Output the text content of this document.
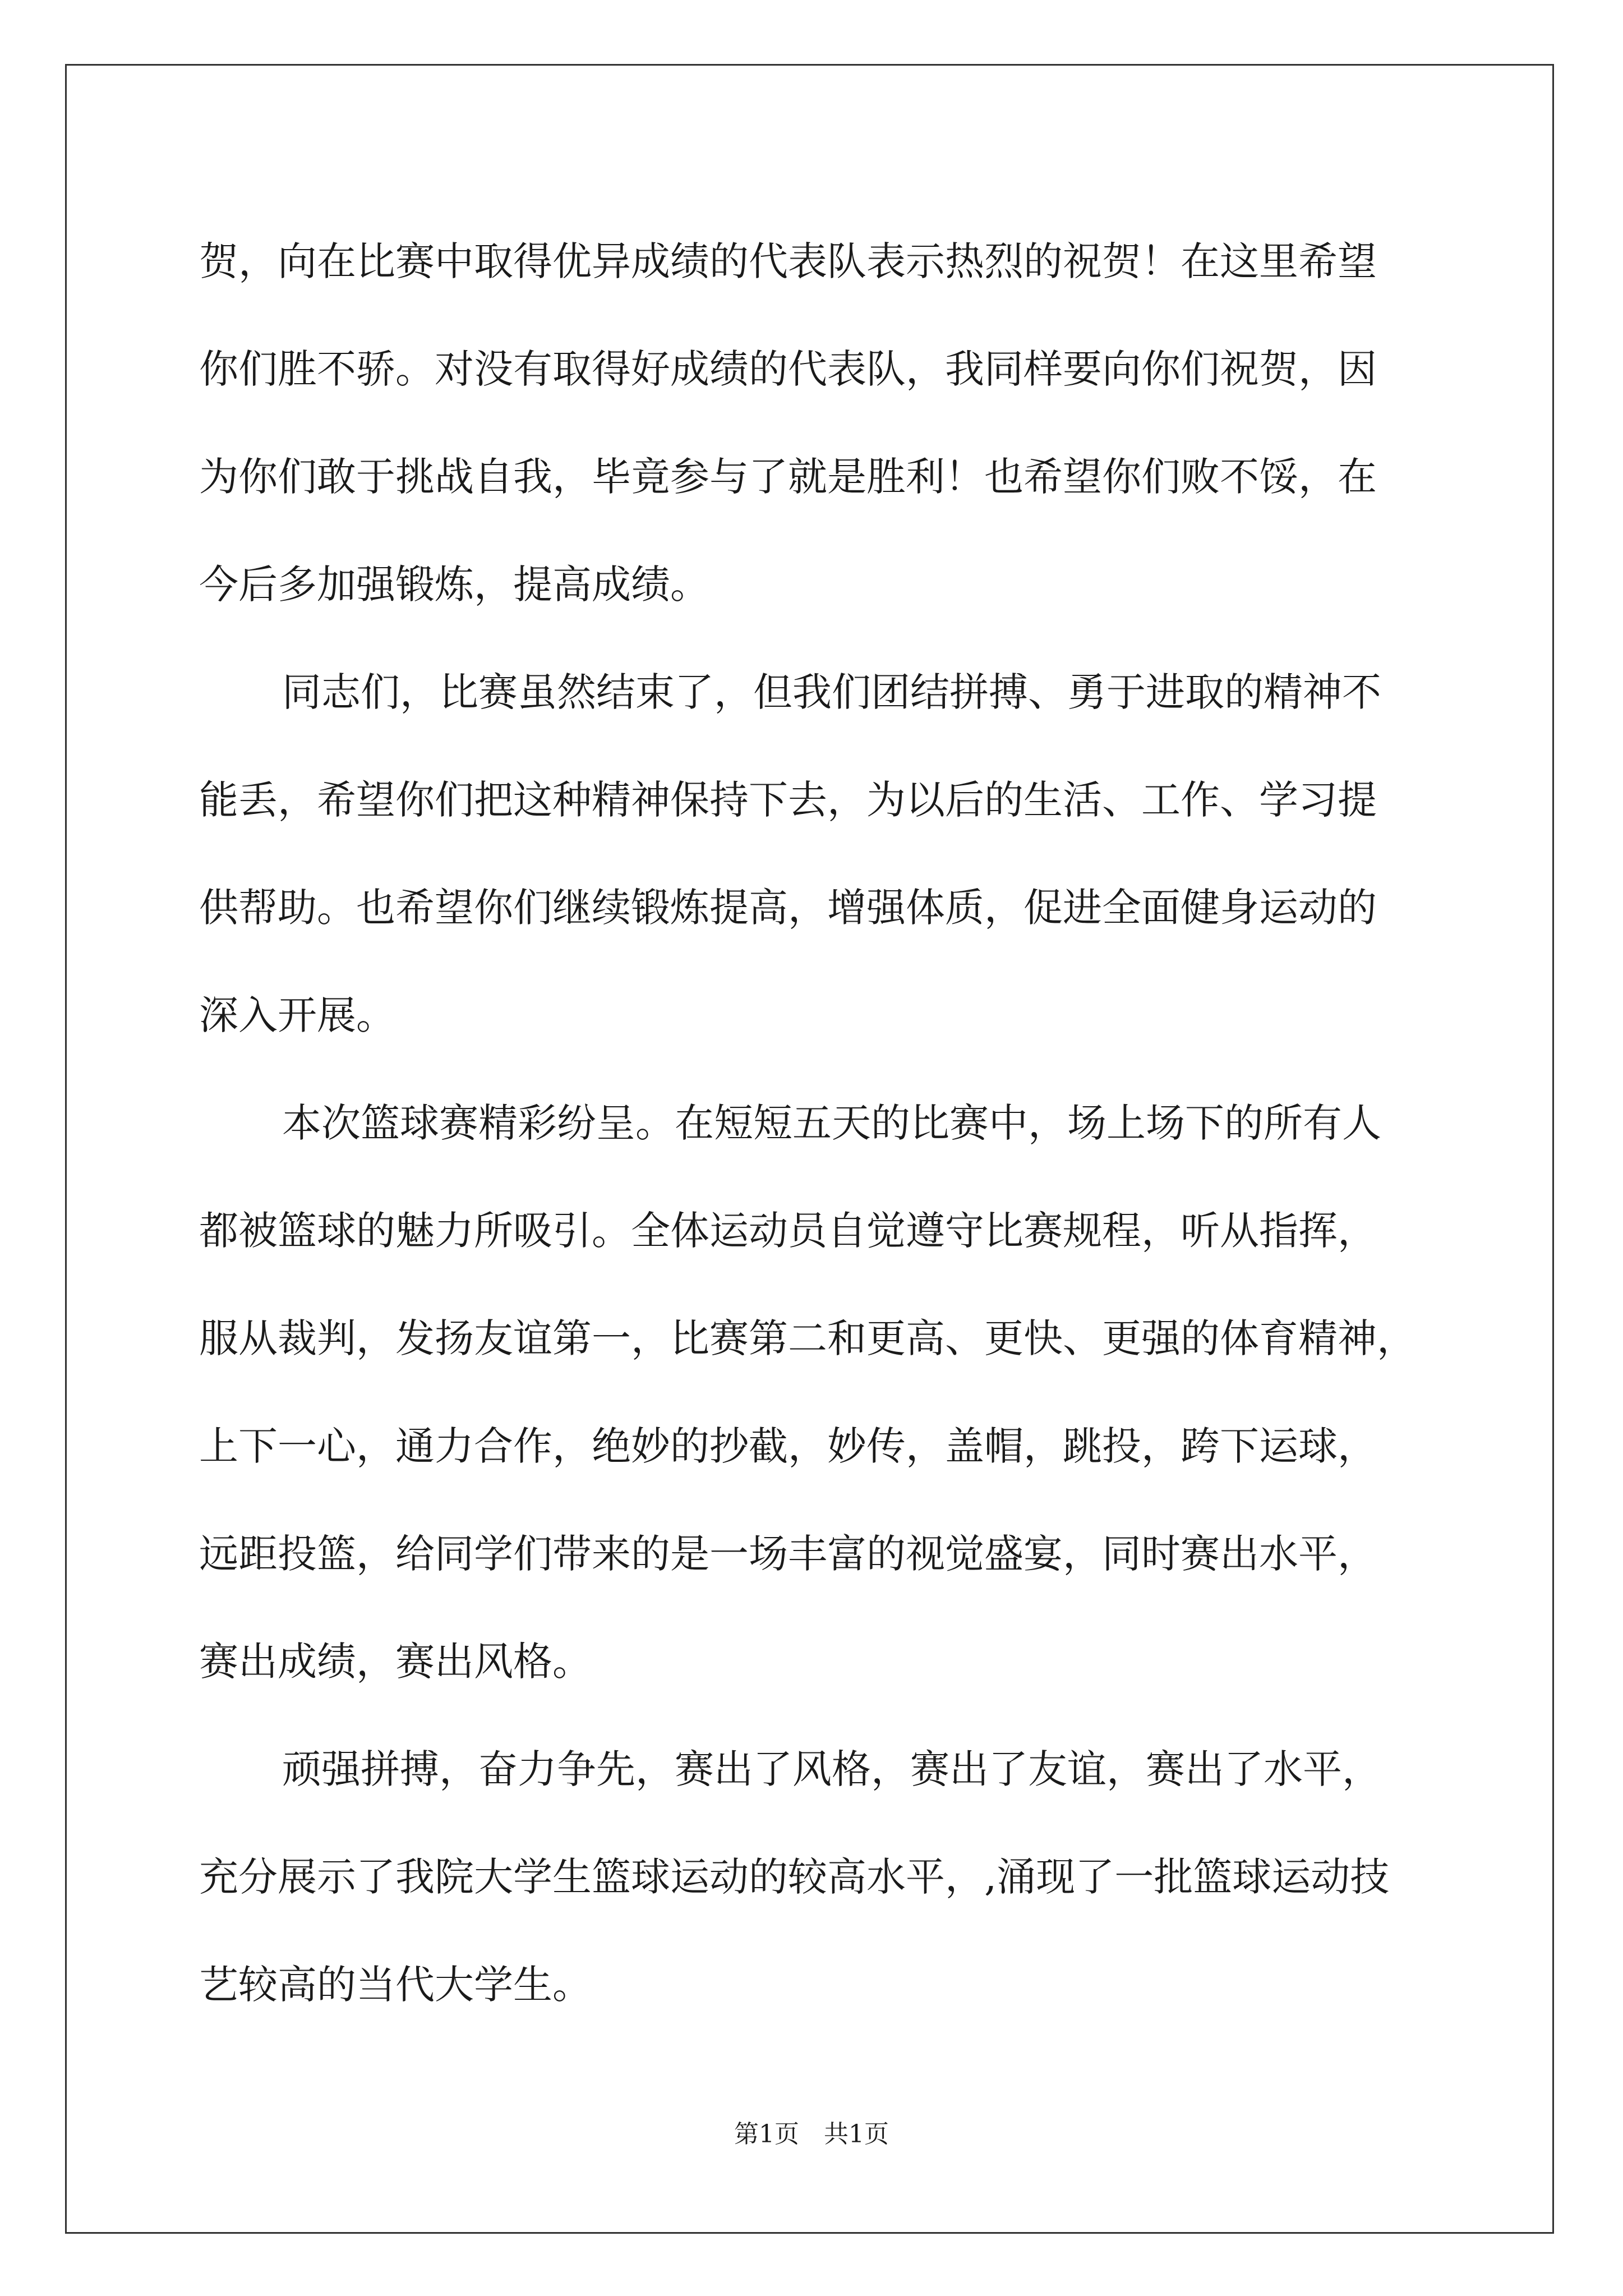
贺，向在比赛中取得优异成绩的代表队表示热烈的祝贺！在这里希望
你们胜不骄。对没有取得好成绩的代表队，我同样要向你们祝贺，因
为你们敢于挑战自我，毕竟参与了就是胜利！也希望你们败不馁，在
今后多加强锻炼，提高成绩。
同志们，比赛虽然结束了，但我们团结拼搏、勇于进取的精神不
能丢，希望你们把这种精神保持下去，为以后的生活、工作、学习提
供帮助。也希望你们继续锻炼提高，增强体质，促进全面健身运动的
深入开展。
本次篮球赛精彩纷呈。在短短五天的比赛中，场上场下的所有人
都被篮球的魅力所吸引。全体运动员自觉遵守比赛规程，听从指挥，
服从裁判，发扬友谊第一，比赛第二和更高、更快、更强的体育精神，
上下一心，通力合作，绝妙的抄截，妙传，盖帽，跳投，跨下运球，
远距投篮，给同学们带来的是一场丰富的视觉盛宴，同时赛出水平，
赛出成绩，赛出风格。
顽强拼搏，奋力争先，赛出了风格，赛出了友谊，赛出了水平，
充分展示了我院大学生篮球运动的较高水平，,涌现了一批篮球运动技
艺较高的当代大学生。
第1页 共1页
